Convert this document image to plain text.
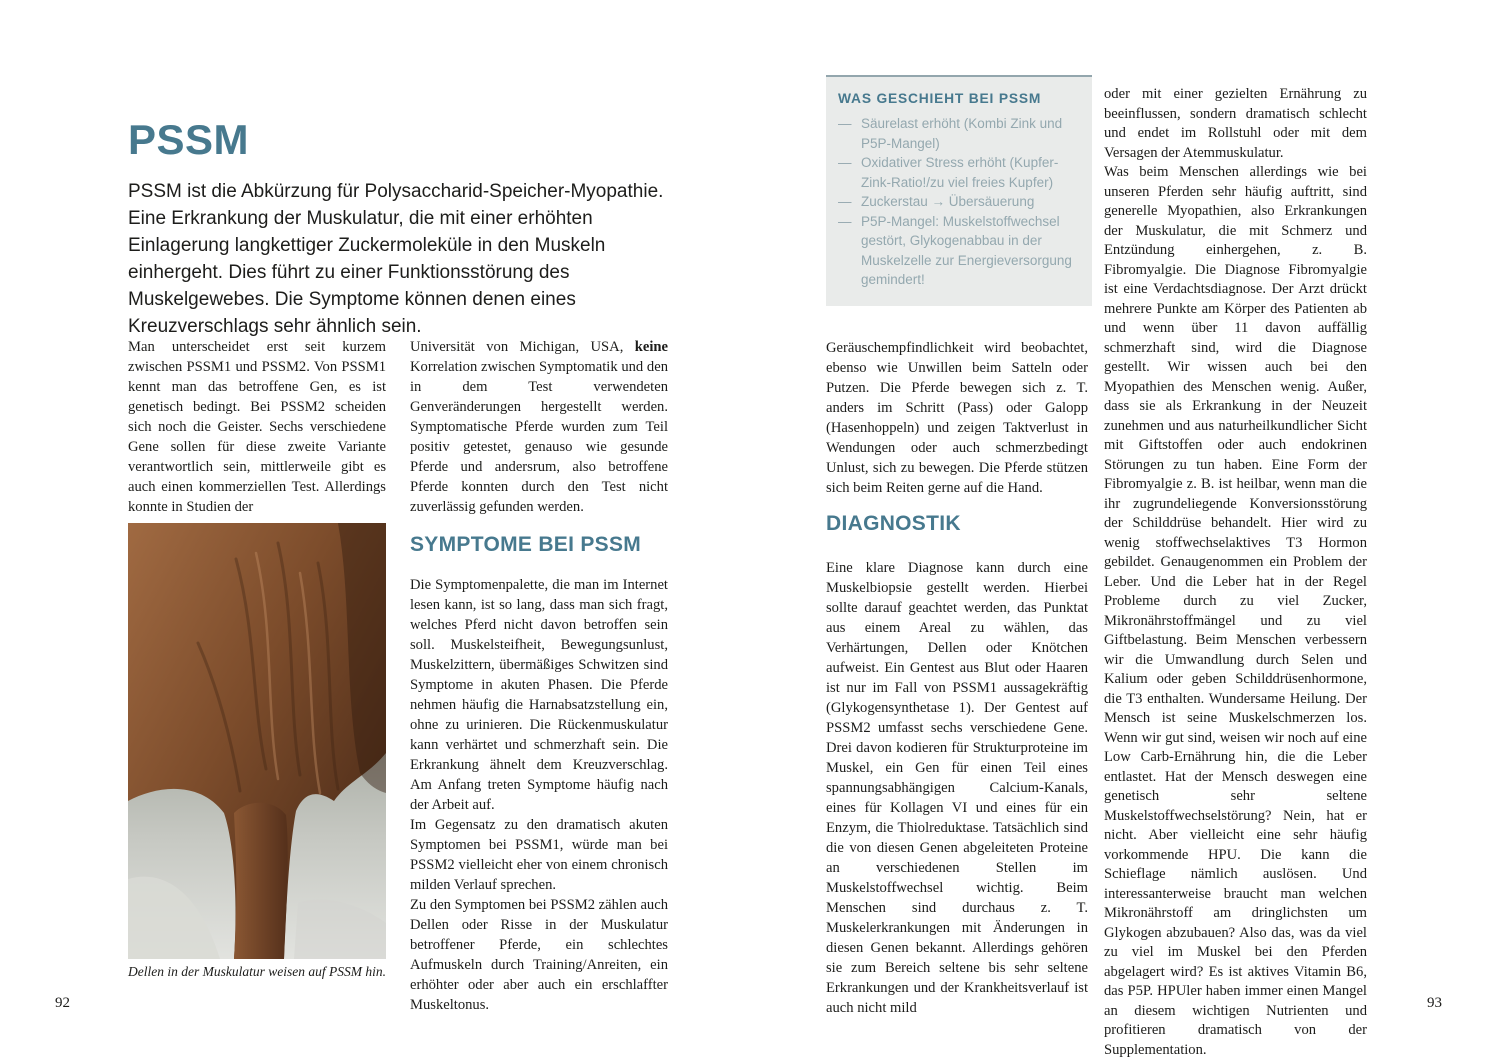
PSSM

PSSM ist die Abkürzung für Polysaccharid-Speicher-Myopathie. Eine Erkrankung der Muskulatur, die mit einer erhöhten Einlagerung langkettiger Zuckermoleküle in den Muskeln einhergeht. Dies führt zu einer Funktionsstörung des Muskelgewebes. Die Symptome können denen eines Kreuzverschlags sehr ähnlich sein.

Man unterscheidet erst seit kurzem zwischen PSSM1 und PSSM2. Von PSSM1 kennt man das betroffene Gen, es ist genetisch bedingt. Bei PSSM2 scheiden sich noch die Geister. Sechs verschiedene Gene sollen für diese zweite Variante verantwortlich sein, mittlerweile gibt es auch einen kommerziellen Test. Allerdings konnte in Studien der

Dellen in der Muskulatur weisen auf PSSM hin.

Universität von Michigan, USA, keine Korrelation zwischen Symptomatik und den in dem Test verwendeten Genveränderungen hergestellt werden. Symptomatische Pferde wurden zum Teil positiv getestet, genauso wie gesunde Pferde und andersrum, also betroffene Pferde konnten durch den Test nicht zuverlässig gefunden werden.

SYMPTOME BEI PSSM

Die Symptomenpalette, die man im Internet lesen kann, ist so lang, dass man sich fragt, welches Pferd nicht davon betroffen sein soll. Muskelsteifheit, Bewegungsunlust, Muskelzittern, übermäßiges Schwitzen sind Symptome in akuten Phasen. Die Pferde nehmen häufig die Harnabsatzstellung ein, ohne zu urinieren. Die Rückenmuskulatur kann verhärtet und schmerzhaft sein. Die Erkrankung ähnelt dem Kreuzverschlag. Am Anfang treten Symptome häufig nach der Arbeit auf.

Im Gegensatz zu den dramatisch akuten Symptomen bei PSSM1, würde man bei PSSM2 vielleicht eher von einem chronisch milden Verlauf sprechen.

Zu den Symptomen bei PSSM2 zählen auch Dellen oder Risse in der Muskulatur betroffener Pferde, ein schlechtes Aufmuskeln durch Training/Anreiten, ein erhöhter oder aber auch ein erschlaffter Muskeltonus.

92
WAS GESCHIEHT BEI PSSM
— Säurelast erhöht (Kombi Zink und P5P-Mangel)
— Oxidativer Stress erhöht (Kupfer-Zink-Ratio!/zu viel freies Kupfer)
— Zuckerstau → Übersäuerung
— P5P-Mangel: Muskelstoffwechsel gestört, Glykogenabbau in der Muskelzelle zur Energieversorgung gemindert!

Geräuschempfindlichkeit wird beobachtet, ebenso wie Unwillen beim Satteln oder Putzen. Die Pferde bewegen sich z. T. anders im Schritt (Pass) oder Galopp (Hasenhoppeln) und zeigen Taktverlust in Wendungen oder auch schmerzbedingt Unlust, sich zu bewegen. Die Pferde stützen sich beim Reiten gerne auf die Hand.

DIAGNOSTIK

Eine klare Diagnose kann durch eine Muskelbiopsie gestellt werden. Hierbei sollte darauf geachtet werden, das Punktat aus einem Areal zu wählen, das Verhärtungen, Dellen oder Knötchen aufweist. Ein Gentest aus Blut oder Haaren ist nur im Fall von PSSM1 aussagekräftig (Glykogensynthetase 1). Der Gentest auf PSSM2 umfasst sechs verschiedene Gene. Drei davon kodieren für Strukturproteine im Muskel, ein Gen für einen Teil eines spannungsabhängigen Calcium-Kanals, eines für Kollagen VI und eines für ein Enzym, die Thiolreduktase. Tatsächlich sind die von diesen Genen abgeleiteten Proteine an verschiedenen Stellen im Muskelstoffwechsel wichtig. Beim Menschen sind durchaus z. T. Muskelerkrankungen mit Änderungen in diesen Genen bekannt. Allerdings gehören sie zum Bereich seltene bis sehr seltene Erkrankungen und der Krankheitsverlauf ist auch nicht mild

oder mit einer gezielten Ernährung zu beeinflussen, sondern dramatisch schlecht und endet im Rollstuhl oder mit dem Versagen der Atemmuskulatur.

Was beim Menschen allerdings wie bei unseren Pferden sehr häufig auftritt, sind generelle Myopathien, also Erkrankungen der Muskulatur, die mit Schmerz und Entzündung einhergehen, z. B. Fibromyalgie. Die Diagnose Fibromyalgie ist eine Verdachtsdiagnose. Der Arzt drückt mehrere Punkte am Körper des Patienten ab und wenn über 11 davon auffällig schmerzhaft sind, wird die Diagnose gestellt. Wir wissen auch bei den Myopathien des Menschen wenig. Außer, dass sie als Erkrankung in der Neuzeit zunehmen und aus naturheilkundlicher Sicht mit Giftstoffen oder auch endokrinen Störungen zu tun haben. Eine Form der Fibromyalgie z. B. ist heilbar, wenn man die ihr zugrundeliegende Konversionsstörung der Schilddrüse behandelt. Hier wird zu wenig stoffwechselaktives T3 Hormon gebildet. Genaugenommen ein Problem der Leber. Und die Leber hat in der Regel Probleme durch zu viel Zucker, Mikronährstoffmängel und zu viel Giftbelastung. Beim Menschen verbessern wir die Umwandlung durch Selen und Kalium oder geben Schilddrüsenhormone, die T3 enthalten. Wundersame Heilung. Der Mensch ist seine Muskelschmerzen los. Wenn wir gut sind, weisen wir noch auf eine Low Carb-Ernährung hin, die die Leber entlastet. Hat der Mensch deswegen eine genetisch sehr seltene Muskelstoffwechselstörung? Nein, hat er nicht. Aber vielleicht eine sehr häufig vorkommende HPU. Die kann die Schieflage nämlich auslösen. Und interessanterweise braucht man welchen Mikronährstoff am dringlichsten um Glykogen abzubauen? Also das, was da viel zu viel im Muskel bei den Pferden abgelagert wird? Es ist aktives Vitamin B6, das P5P. HPUler haben immer einen Mangel an diesem wichtigen Nutrienten und profitieren dramatisch von der Supplementation.

93
